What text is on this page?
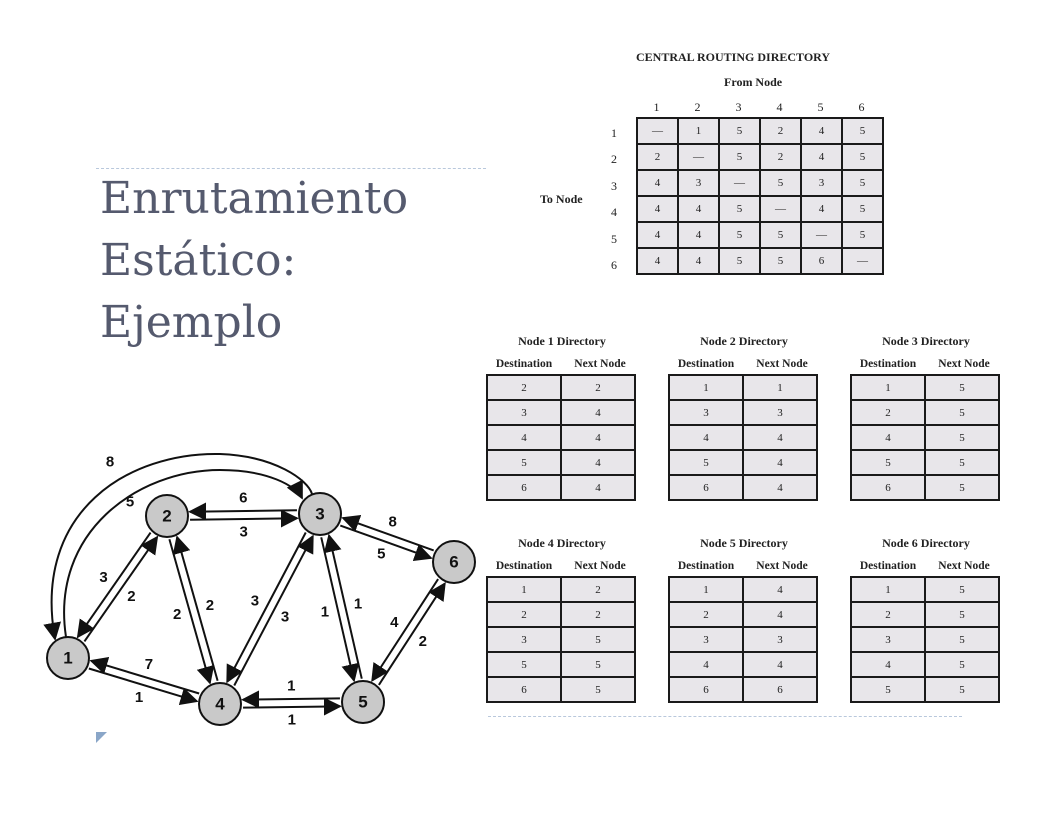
Enrutamiento
Estático:
Ejemplo
CENTRAL ROUTING DIRECTORY
From Node
To Node
1	2	3	4	5	6
1
2
3
4
5
6
—	1	5	2	4	5
2	—	5	2	4	5
4	3	—	5	3	5
4	4	5	—	4	5
4	4	5	5	—	5
4	4	5	5	6	—
Node 1 Directory
Destination	Next Node
2	2
3	4
4	4
5	4
6	4
Node 2 Directory
Destination	Next Node
1	1
3	3
4	4
5	4
6	4
Node 3 Directory
Destination	Next Node
1	5
2	5
4	5
5	5
6	5
Node 4 Directory
Destination	Next Node
1	2
2	2
3	5
5	5
6	5
Node 5 Directory
Destination	Next Node
1	4
2	4
3	3
4	4
6	6
Node 6 Directory
Destination	Next Node
1	5
2	5
3	5
4	5
5	5
2
3
8
5
1
7
3
6
2
2 3
3 1 1
5
8
1
1
2
4
1
2	3
4	5
6
